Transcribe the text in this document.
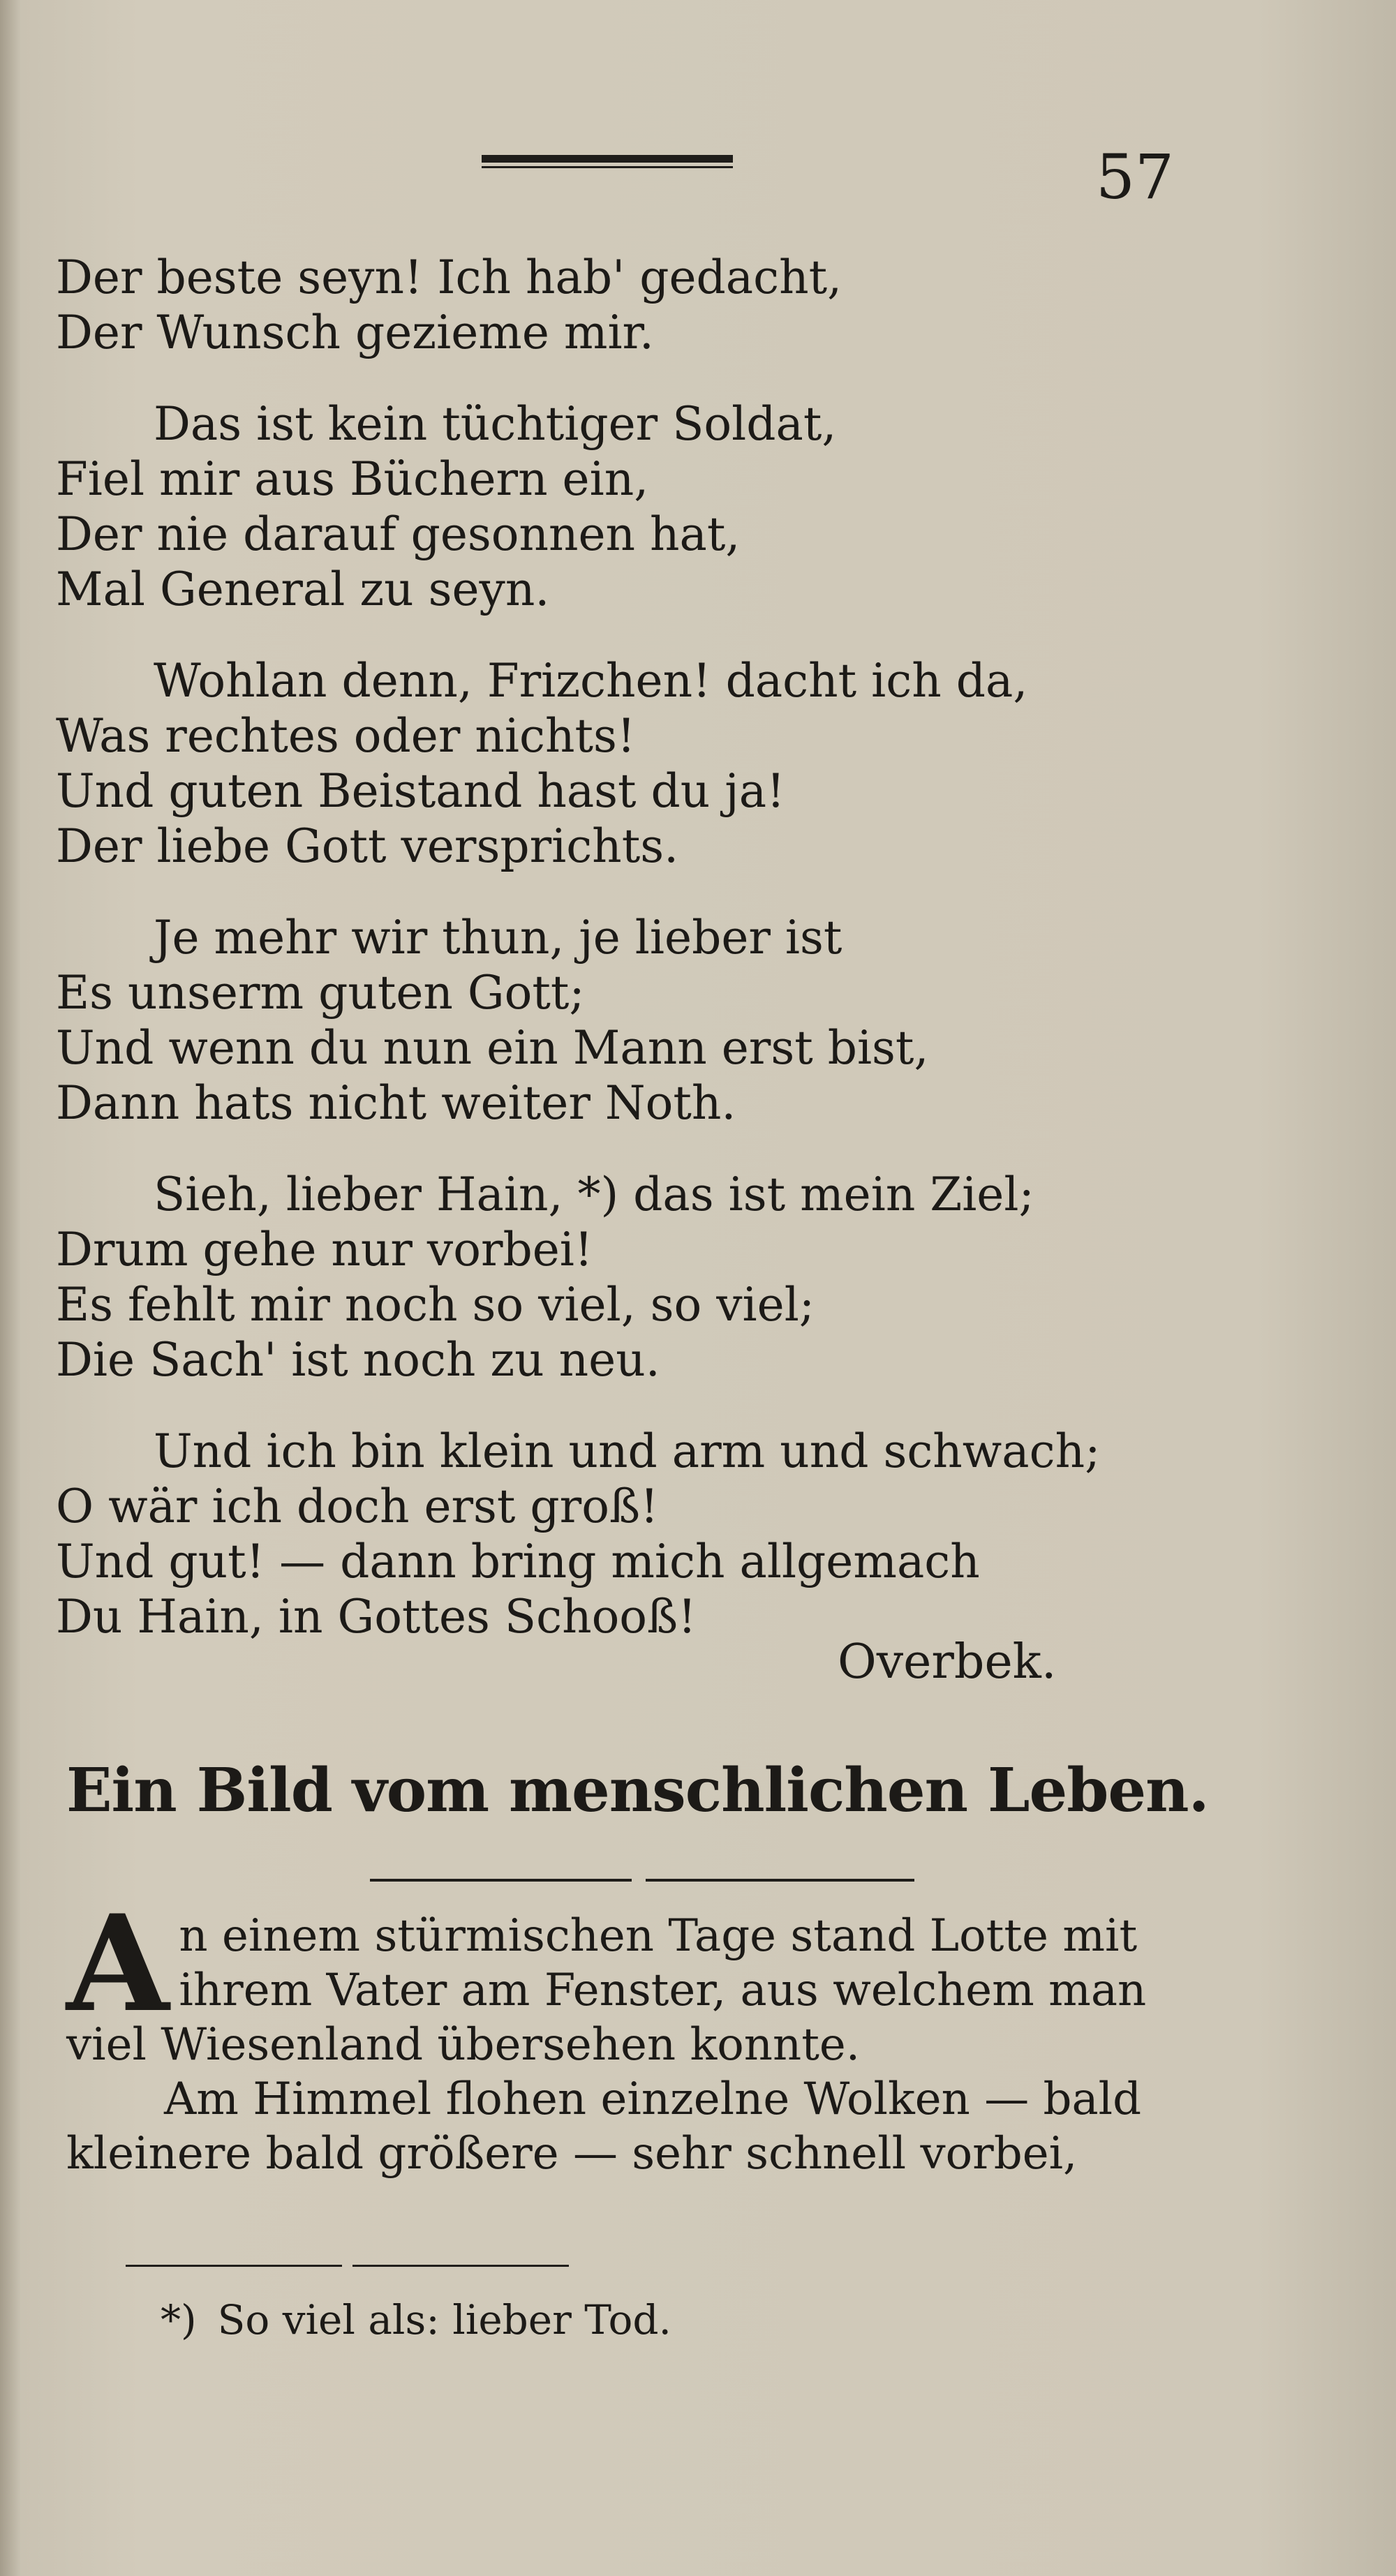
57
Der beste seyn! Ich hab' gedacht,
Der Wunsch gezieme mir.
Das ist kein tüchtiger Soldat,
Fiel mir aus Büchern ein,
Der nie darauf gesonnen hat,
Mal General zu seyn.
Wohlan denn, Frizchen! dacht ich da,
Was rechtes oder nichts!
Und guten Beistand hast du ja!
Der liebe Gott versprichts.
Je mehr wir thun, je lieber ist
Es unserm guten Gott;
Und wenn du nun ein Mann erst bist,
Dann hats nicht weiter Noth.
Sieh, lieber Hain, *) das ist mein Ziel;
Drum gehe nur vorbei!
Es fehlt mir noch so viel, so viel;
Die Sach' ist noch zu neu.
Und ich bin klein und arm und schwach;
O wär ich doch erst groß!
Und gut! — dann bring mich allgemach
Du Hain, in Gottes Schooß!
Overbek.
Ein Bild vom menschlichen Leben.

An einem stürmischen Tage stand Lotte mit ihrem Vater am Fenster, aus welchem man viel Wiesenland übersehen konnte.

Am Himmel flohen einzelne Wolken — bald kleinere bald größere — sehr schnell vorbei,

*) So viel als: lieber Tod.
